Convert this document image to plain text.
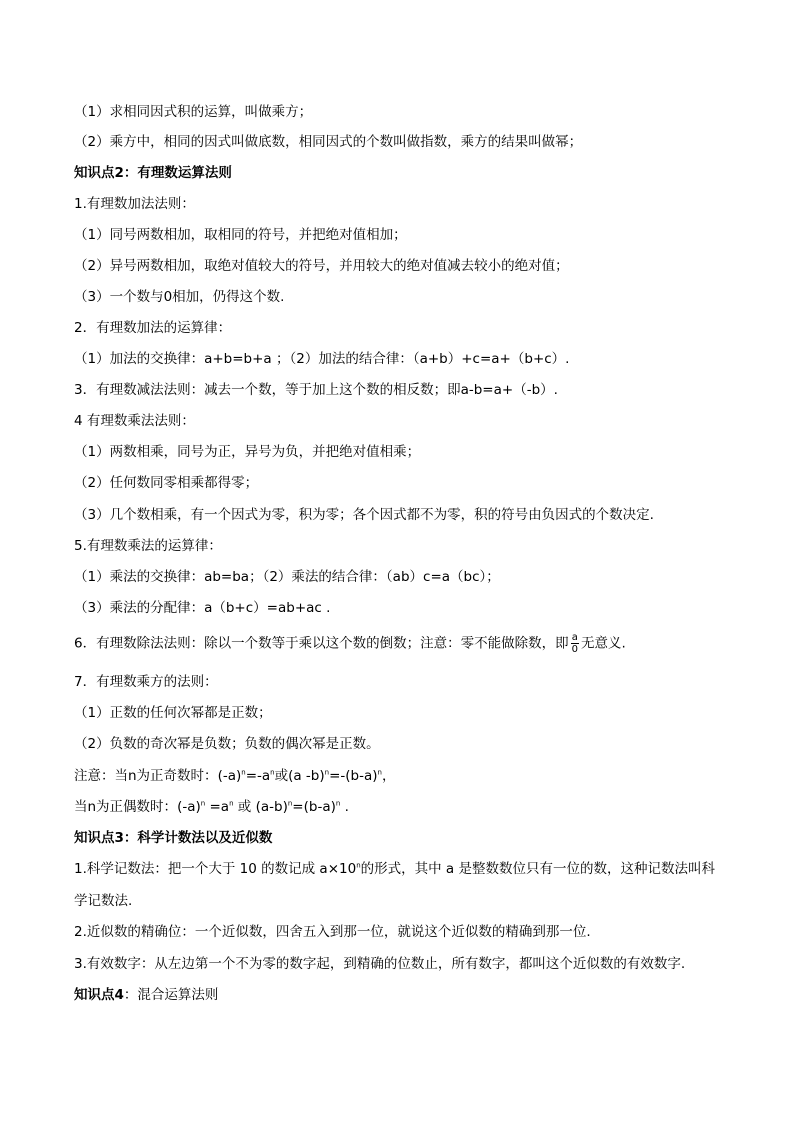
（1）求相同因式积的运算，叫做乘方；
（2）乘方中，相同的因式叫做底数，相同因式的个数叫做指数，乘方的结果叫做幂；
知识点2：有理数运算法则
1.有理数加法法则：
（1）同号两数相加，取相同的符号，并把绝对值相加；
（2）异号两数相加，取绝对值较大的符号，并用较大的绝对值减去较小的绝对值；
（3）一个数与0相加，仍得这个数.
2．有理数加法的运算律：
（1）加法的交换律：a+b=b+a ；（2）加法的结合律：（a+b）+c=a+（b+c）.
3．有理数减法法则：减去一个数，等于加上这个数的相反数；即a-b=a+（-b）.
4 有理数乘法法则：
（1）两数相乘，同号为正，异号为负，并把绝对值相乘；
（2）任何数同零相乘都得零；
（3）几个数相乘，有一个因式为零，积为零；各个因式都不为零，积的符号由负因式的个数决定.
5.有理数乘法的运算律：
（1）乘法的交换律：ab=ba；（2）乘法的结合律：（ab）c=a（bc）；
（3）乘法的分配律：a（b+c）=ab+ac .
6．有理数除法法则：除以一个数等于乘以这个数的倒数；注意：零不能做除数，即 $\frac{a}{0}$ 无意义.
7．有理数乘方的法则：
（1）正数的任何次幂都是正数；
（2）负数的奇次幂是负数；负数的偶次幂是正数。
注意：当n为正奇数时：$(-a)^n=-a^n$或(a $-b)^n=-(b-a)^n$，
当n为正偶数时：$(-a)^n =a^n$ 或 $(a-b)^n=(b-a)^n$ .
知识点3：科学计数法以及近似数
1.科学记数法：把一个大于 10 的数记成 $a\times 10^n$的形式，其中 a 是整数数位只有一位的数，这种记数法叫科
学记数法.
2.近似数的精确位：一个近似数，四舍五入到那一位，就说这个近似数的精确到那一位.
3.有效数字：从左边第一个不为零的数字起，到精确的位数止，所有数字，都叫这个近似数的有效数字.
知识点4：混合运算法则
